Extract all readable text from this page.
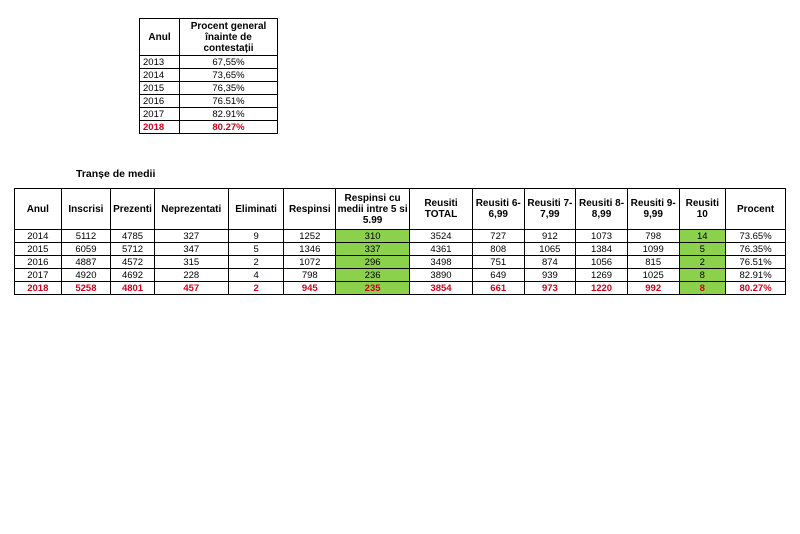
Anul	Procent general înainte de contestații
2013	67,55%
2014	73,65%
2015	76,35%
2016	76.51%
2017	82.91%
2018	80.27%
Tranșe de medii
Anul	Inscrisi	Prezenti	Neprezentati	Eliminati	Respinsi	Respinsi cu medii intre 5 si 5.99	Reusiti TOTAL	Reusiti 6-6,99	Reusiti 7-7,99	Reusiti 8-8,99	Reusiti 9-9,99	Reusiti 10	Procent
2014	5112	4785	327	9	1252	310	3524	727	912	1073	798	14	73.65%
2015	6059	5712	347	5	1346	337	4361	808	1065	1384	1099	5	76.35%
2016	4887	4572	315	2	1072	296	3498	751	874	1056	815	2	76.51%
2017	4920	4692	228	4	798	236	3890	649	939	1269	1025	8	82.91%
2018	5258	4801	457	2	945	235	3854	661	973	1220	992	8	80.27%
